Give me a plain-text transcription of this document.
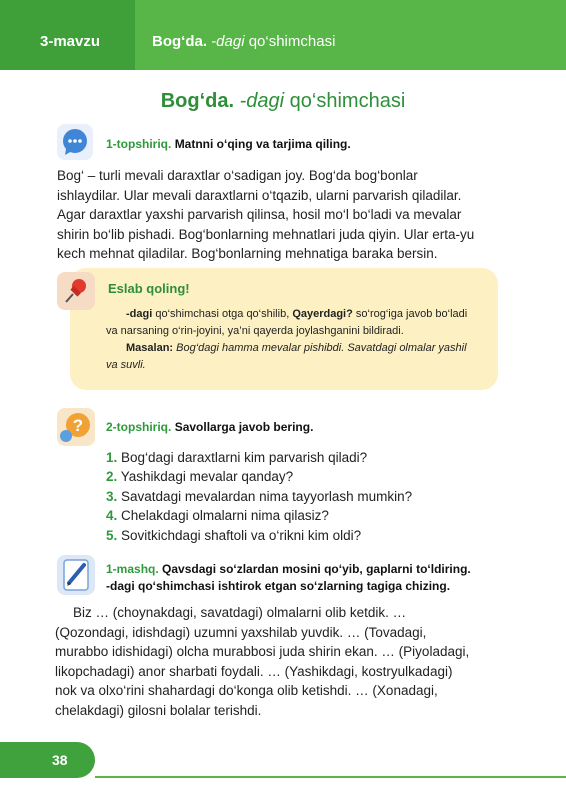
3-mavzu	Bog‘da. -dagi qo‘shimchasi
Bog‘da. -dagi qo‘shimchasi
1-topshiriq. Matnni o‘qing va tarjima qiling.
Bog‘ – turli mevali daraxtlar o‘sadigan joy. Bog‘da bog‘bonlar
ishlaydilar. Ular mevali daraxtlarni o‘tqazib, ularni parvarish qiladilar.
Agar daraxtlar yaxshi parvarish qilinsa, hosil mo‘l bo‘ladi va mevalar
shirin bo‘lib pishadi. Bog‘bonlarning mehnatlari juda qiyin. Ular erta-yu
kech mehnat qiladilar. Bog‘bonlarning mehnatiga baraka bersin.
Eslab qoling!

-dagi qo‘shimchasi otga qo‘shilib, Qayerdagi? so‘rog‘iga javob bo‘ladi va narsaning o‘rin-joyini, ya’ni qayerda joylashganini bildiradi.

Masalan: Bog‘dagi hamma mevalar pishibdi. Savatdagi olmalar yashil va suvli.

? 2-topshiriq. Savollarga javob bering.
1. Bog‘dagi daraxtlarni kim parvarish qiladi?
2. Yashikdagi mevalar qanday?
3. Savatdagi mevalardan nima tayyorlash mumkin?
4. Chelakdagi olmalarni nima qilasiz?
5. Sovitkichdagi shaftoli va o‘rikni kim oldi?
1-mashq. Qavsdagi so‘zlardan mosini qo‘yib, gaplarni to‘ldiring.
-dagi qo‘shimchasi ishtirok etgan so‘zlarning tagiga chizing.
Biz … (choynakdagi, savatdagi) olmalarni olib ketdik. …
(Qozondagi, idishdagi) uzumni yaxshilab yuvdik. … (Tovadagi,
murabbo idishidagi) olcha murabbosi juda shirin ekan. … (Piyoladagi,
likopchadagi) anor sharbati foydali. … (Yashikdagi, kostryulkadagi)
nok va olxo‘rini shahardagi do‘konga olib ketishdi. … (Xonadagi,
chelakdagi) gilosni bolalar terishdi.
38
